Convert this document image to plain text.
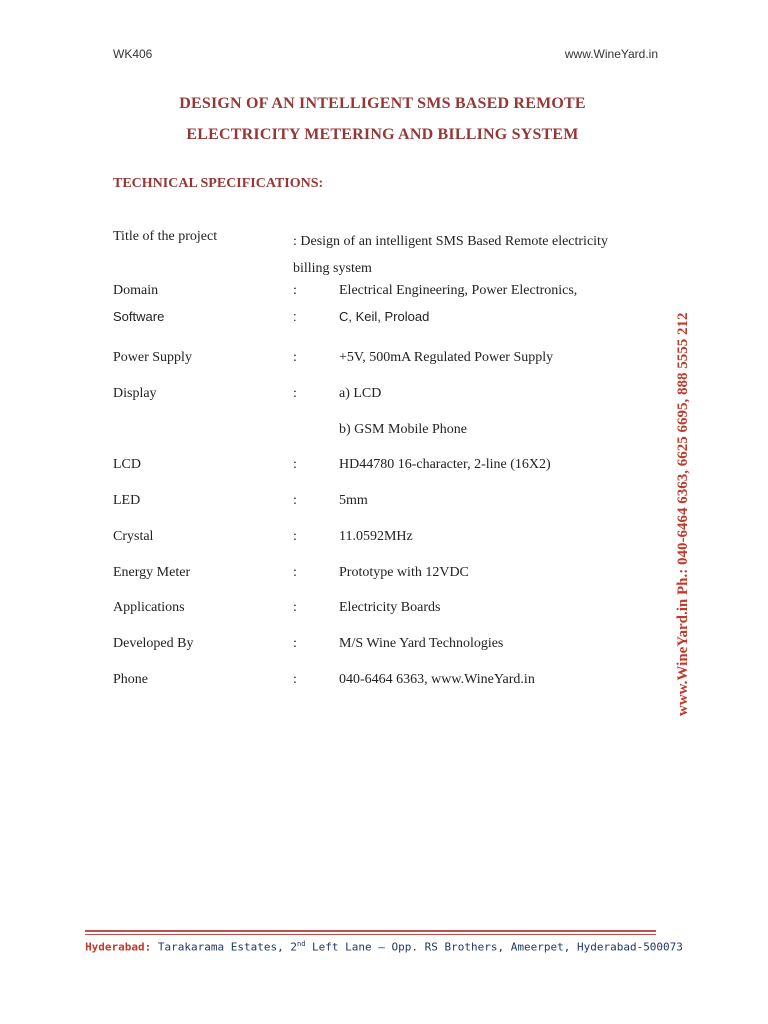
WK406	www.WineYard.in
DESIGN OF AN INTELLIGENT SMS BASED REMOTE
ELECTRICITY METERING AND BILLING SYSTEM
TECHNICAL SPECIFICATIONS:
Title of the project	: Design of an intelligent SMS Based Remote electricity billing system
Domain	:	Electrical Engineering, Power Electronics,
Software	:	C, Keil, Proload
Power Supply	:	+5V, 500mA Regulated Power Supply
Display	:	a) LCD
b) GSM Mobile Phone
LCD	:	HD44780 16-character, 2-line (16X2)
LED	:	5mm
Crystal	:	11.0592MHz
Energy Meter	:	Prototype with 12VDC
Applications	:	Electricity Boards
Developed By	:	M/S Wine Yard Technologies
Phone	:	040-6464 6363, www.WineYard.in	www.WineYard.in Ph.: 040-6464 6363, 6625 6695, 888 5555 212
Hyderabad: Tarakarama Estates, 2nd Left Lane – Opp. RS Brothers, Ameerpet, Hyderabad-500073
